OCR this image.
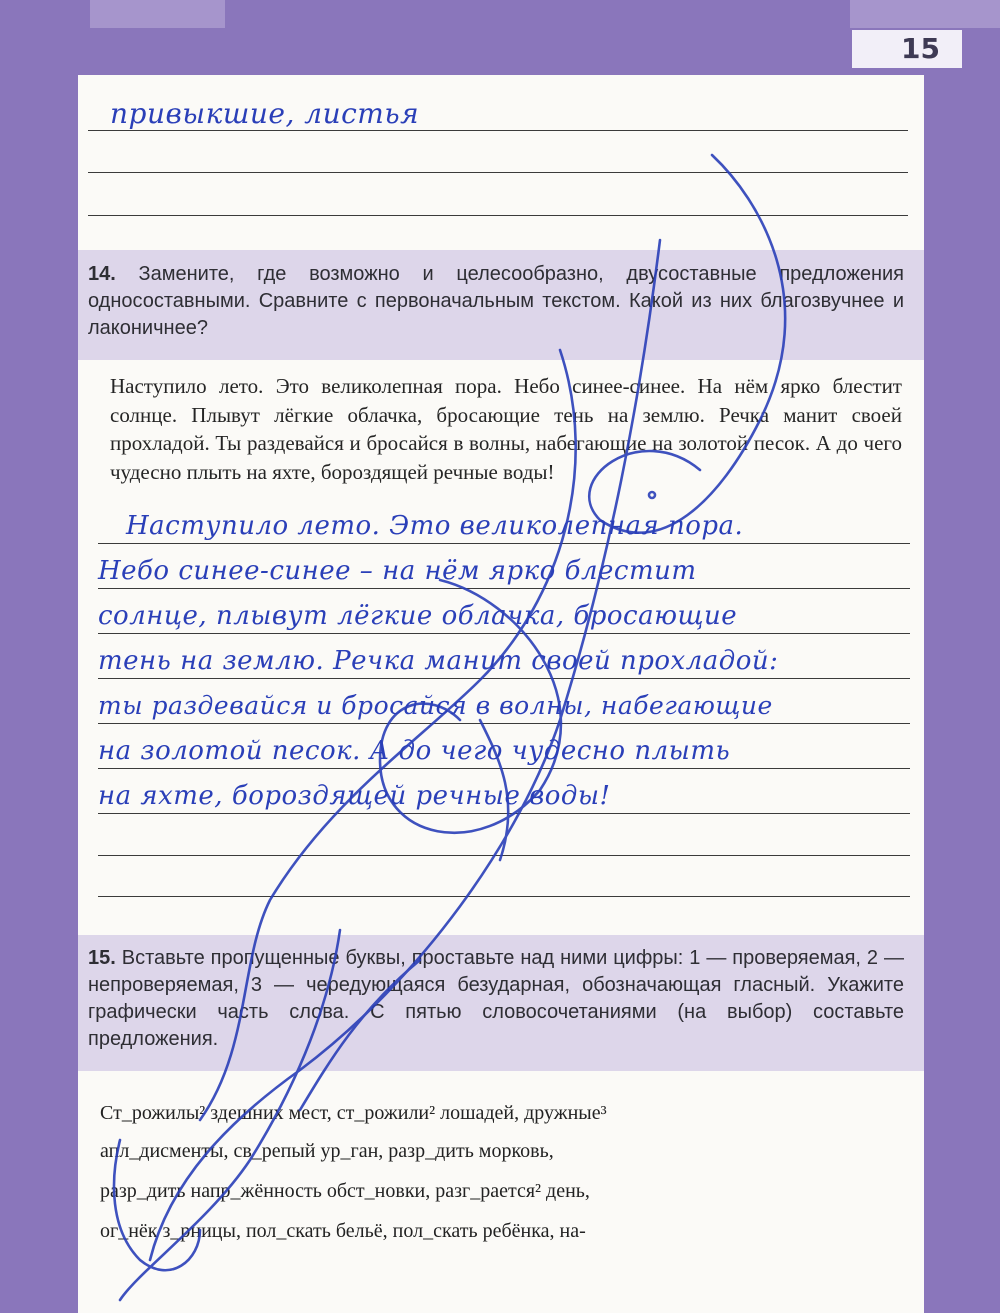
15
привыкшие, листья
14. Замените, где возможно и целесообразно, двусоставные предложения односоставными. Сравните с первоначальным текстом. Какой из них благозвучнее и лаконичнее?
Наступило лето. Это великолепная пора. Небо синее-синее. На нём ярко блестит солнце. Плывут лёгкие облачка, бросающие тень на землю. Речка манит своей прохладой. Ты раздевайся и бросайся в волны, набегающие на золотой песок. А до чего чудесно плыть на яхте, бороздящей речные воды!
Наступило лето. Это великолепная пора.
Небо синее-синее – на нём ярко блестит
солнце, плывут лёгкие облачка, бросающие
тень на землю. Речка манит своей прохладой:
ты раздевайся и бросайся в волны, набегающие
на золотой песок. А до чего чудесно плыть
на яхте, бороздящей речные воды!
15. Вставьте пропущенные буквы, проставьте над ними цифры: 1 — проверяемая, 2 — непроверяемая, 3 — чередующаяся безударная, обозначающая гласный. Укажите графически часть слова. С пятью словосочетаниями (на выбор) составьте предложения.
Ст_рожилы² здешних мест, ст_рожили² лошадей, дружные³
апл_дисменты, св_репый ур_ган, разр_дить морковь,
разр_дить напр_жённость обст_новки, разг_рается² день,
ог_нёк з_рницы, пол_скать бельё, пол_скать ребёнка, на-
